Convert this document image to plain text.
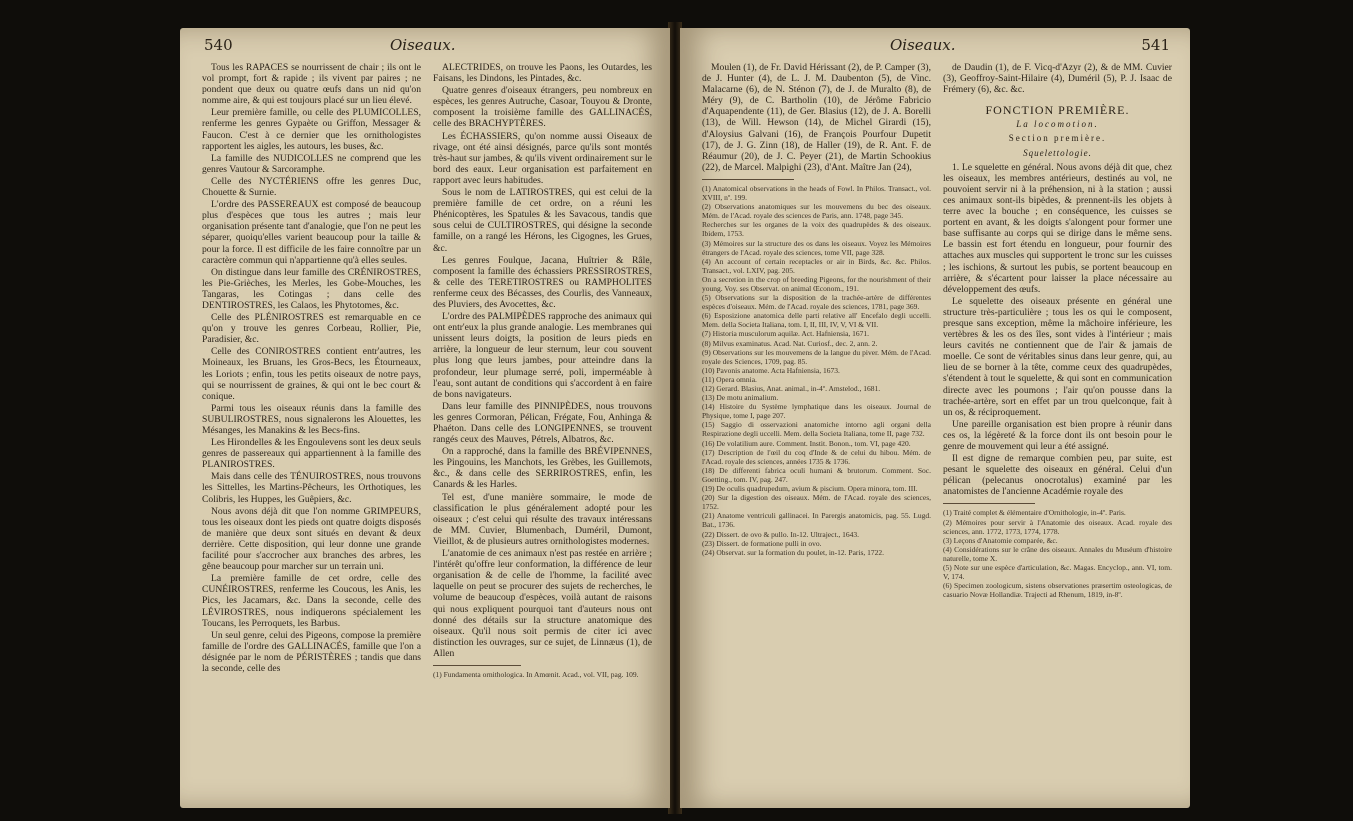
540	Oiseaux.

Tous les RAPACES se nourrissent de chair ; ils ont le vol prompt, fort & rapide ; ils vivent par paires ; ne pondent que deux ou quatre œufs dans un nid qu'on nomme aire, & qui est toujours placé sur un lieu élevé.

Leur première famille, ou celle des PLUMICOLLES, renferme les genres Gypaète ou Griffon, Messager & Faucon. C'est à ce dernier que les ornithologistes rapportent les aigles, les autours, les buses, &c.

La famille des NUDICOLLES ne comprend que les genres Vautour & Sarcoramphe.

Celle des NYCTÉRIENS offre les genres Duc, Chouette & Surnie.

L'ordre des PASSEREAUX est composé de beaucoup plus d'espèces que tous les autres ; mais leur organisation présente tant d'analogie, que l'on ne peut les séparer, quoiqu'elles varient beaucoup pour la taille & pour la force. Il est difficile de les faire connoître par un caractère commun qui n'appartienne qu'à elles seules.

On distingue dans leur famille des CRÉNIROSTRES, les Pie-Grièches, les Merles, les Gobe-Mouches, les Tangaras, les Cotingas ; dans celle des DENTIROSTRES, les Calaos, les Phytotomes, &c.

Celle des PLÉNIROSTRES est remarquable en ce qu'on y trouve les genres Corbeau, Rollier, Pie, Paradisier, &c.

Celle des CONIROSTRES contient entr'autres, les Moineaux, les Bruans, les Gros-Becs, les Étourneaux, les Loriots ; enfin, tous les petits oiseaux de notre pays, qui se nourrissent de graines, & qui ont le bec court & conique.

Parmi tous les oiseaux réunis dans la famille des SUBULIROSTRES, nous signalerons les Alouettes, les Mésanges, les Manakins & les Becs-fins.

Les Hirondelles & les Engoulevens sont les deux seuls genres de passereaux qui appartiennent à la famille des PLANIROSTRES.

Mais dans celle des TÉNUIROSTRES, nous trouvons les Sittelles, les Martins-Pêcheurs, les Orthotiques, les Colibris, les Huppes, les Guêpiers, &c.

Nous avons déjà dit que l'on nomme GRIMPEURS, tous les oiseaux dont les pieds ont quatre doigts disposés de manière que deux sont situés en devant & deux derrière. Cette disposition, qui leur donne une grande facilité pour s'accrocher aux branches des arbres, les gêne beaucoup pour marcher sur un terrain uni.

La première famille de cet ordre, celle des CUNÉIROSTRES, renferme les Coucous, les Anis, les Pics, les Jacamars, &c. Dans la seconde, celle des LÉVIROSTRES, nous indiquerons spécialement les Toucans, les Perroquets, les Barbus.

Un seul genre, celui des Pigeons, compose la première famille de l'ordre des GALLINACÉS, famille que l'on a désignée par le nom de PÉRISTÈRES ; tandis que dans la seconde, celle des

ALECTRIDES, on trouve les Paons, les Outardes, les Faisans, les Dindons, les Pintades, &c.

Quatre genres d'oiseaux étrangers, peu nombreux en espèces, les genres Autruche, Casoar, Touyou & Dronte, composent la troisième famille des GALLINACÉS, celle des BRACHYPTÈRES.

Les ÉCHASSIERS, qu'on nomme aussi Oiseaux de rivage, ont été ainsi désignés, parce qu'ils sont montés très-haut sur jambes, & qu'ils vivent ordinairement sur le bord des eaux. Leur organisation est parfaitement en rapport avec leurs habitudes.

Sous le nom de LATIROSTRES, qui est celui de la première famille de cet ordre, on a réuni les Phénicoptères, les Spatules & les Savacous, tandis que sous celui de CULTIROSTRES, qui désigne la seconde famille, on a rangé les Hérons, les Cigognes, les Grues, &c.

Les genres Foulque, Jacana, Huîtrier & Râle, composent la famille des échassiers PRESSIROSTRES, & celle des TERETIROSTRES ou RAMPHOLITES renferme ceux des Bécasses, des Courlis, des Vanneaux, des Pluviers, des Avocettes, &c.

L'ordre des PALMIPÈDES rapproche des animaux qui ont entr'eux la plus grande analogie. Les membranes qui unissent leurs doigts, la position de leurs pieds en arrière, la longueur de leur sternum, leur cou souvent plus long que leurs jambes, pour atteindre dans la profondeur, leur plumage serré, poli, imperméable à l'eau, sont autant de conditions qui s'accordent à en faire de bons navigateurs.

Dans leur famille des PINNIPÈDES, nous trouvons les genres Cormoran, Pélican, Frégate, Fou, Anhinga & Phaéton. Dans celle des LONGIPENNES, se trouvent rangés ceux des Mauves, Pétrels, Albatros, &c.

On a rapproché, dans la famille des BRÉVIPENNES, les Pingouins, les Manchots, les Grèbes, les Guillemots, &c., & dans celle des SERRIROSTRES, enfin, les Canards & les Harles.

Tel est, d'une manière sommaire, le mode de classification le plus généralement adopté pour les oiseaux ; c'est celui qui résulte des travaux intéressans de MM. Cuvier, Blumenbach, Duméril, Dumont, Vieillot, & de plusieurs autres ornithologistes modernes.

L'anatomie de ces animaux n'est pas restée en arrière ; l'intérêt qu'offre leur conformation, la différence de leur organisation & de celle de l'homme, la facilité avec laquelle on peut se procurer des sujets de recherches, le volume de beaucoup d'espèces, voilà autant de raisons qui nous expliquent pourquoi tant d'auteurs nous ont donné des détails sur la structure anatomique des oiseaux. Qu'il nous soit permis de citer ici avec distinction les ouvrages, sur ce sujet, de Linnæus (1), de Allen

(1) Fundamenta ornithologica. In Amœnit. Acad., vol. VII, pag. 109.

Oiseaux.	541

Moulen (1), de Fr. David Hérissant (2), de P. Camper (3), de J. Hunter (4), de L. J. M. Daubenton (5), de Vinc. Malacarne (6), de N. Sténon (7), de J. de Muralto (8), de Méry (9), de C. Bartholin (10), de Jérôme Fabricio d'Aquapendente (11), de Ger. Blasius (12), de J. A. Borelli (13), de Will. Hewson (14), de Michel Girardi (15), d'Aloysius Galvani (16), de François Pourfour Dupetit (17), de J. G. Zinn (18), de Haller (19), de R. Ant. F. de Réaumur (20), de J. C. Peyer (21), de Martin Schookius (22), de Marcel. Malpighi (23), d'Ant. Maître Jan (24),

(1) Anatomical observations in the heads of Fowl. In Philos. Transact., vol. XVIII, nº. 199.

(2) Observations anatomiques sur les mouvemens du bec des oiseaux. Mém. de l'Acad. royale des sciences de Paris, ann. 1748, page 345.

Recherches sur les organes de la voix des quadrupèdes & des oiseaux. Ibidem, 1753.

(3) Mémoires sur la structure des os dans les oiseaux. Voyez les Mémoires étrangers de l'Acad. royale des sciences, tome VII, page 328.

(4) An account of certain receptacles or air in Birds, &c. &c. Philos. Transact., vol. LXIV, pag. 205.

On a secretion in the crop of breeding Pigeons, for the nourishment of their young. Voy. ses Observat. on animal Œconom., 191.

(5) Observations sur la disposition de la trachée-artère de différentes espèces d'oiseaux. Mém. de l'Acad. royale des sciences, 1781, page 369.

(6) Esposizione anatomica delle parti relative all' Encefalo degli uccelli. Mem. della Societa Italiana, tom. I, II, III, IV, V, VI & VII.

(7) Historia musculorum aquilæ. Act. Hafniensia, 1671.

(8) Milvus examinatus. Acad. Nat. Curiosf., dec. 2, ann. 2.

(9) Observations sur les mouvemens de la langue du piver. Mém. de l'Acad. royale des Sciences, 1709, pag. 85.

(10) Pavonis anatome. Acta Hafniensia, 1673.

(11) Opera omnia.

(12) Gerard. Blasius, Anat. animal., in-4º. Amstelod., 1681.

(13) De motu animalium.

(14) Histoire du Système lymphatique dans les oiseaux. Journal de Physique, tome I, page 207.

(15) Saggio di osservazioni anatomiche intorno agli organi della Respirazione degli uccelli. Mem. della Societa Italiana, tome II, page 732.

(16) De volatilium aure. Comment. Instit. Bonon., tom. VI, page 420.

(17) Description de l'œil du coq d'Inde & de celui du hibou. Mém. de l'Acad. royale des sciences, années 1735 & 1736.

(18) De differenti fabrica oculi humani & brutorum. Comment. Soc. Goetting., tom. IV, pag. 247.

(19) De oculis quadrupedum, avium & piscium. Opera minora, tom. III.

(20) Sur la digestion des oiseaux. Mém. de l'Acad. royale des sciences, 1752.

(21) Anatome ventriculi gallinacei. In Parergis anatomicis, pag. 55. Lugd. Bat., 1736.

(22) Dissert. de ovo & pullo. In-12. Ultraject., 1643.

(23) Dissert. de formatione pulli in ovo.

(24) Observat. sur la formation du poulet, in-12. Paris, 1722.

de Daudin (1), de F. Vicq-d'Azyr (2), & de MM. Cuvier (3), Geoffroy-Saint-Hilaire (4), Duméril (5), P. J. Isaac de Frémery (6), &c. &c.

FONCTION PREMIÈRE.
La locomotion.
Section première.
Squelettologie.

1. Le squelette en général. Nous avons déjà dit que, chez les oiseaux, les membres antérieurs, destinés au vol, ne pouvoient servir ni à la préhension, ni à la station ; aussi ces animaux sont-ils bipèdes, & prennent-ils les objets à terre avec la bouche ; en conséquence, les cuisses se portent en avant, & les doigts s'alongent pour former une base suffisante au corps qui se dirige dans le même sens. Le bassin est fort étendu en longueur, pour fournir des attaches aux muscles qui supportent le tronc sur les cuisses ; les ischions, & surtout les pubis, se portent beaucoup en arrière, & s'écartent pour laisser la place nécessaire au développement des œufs.

Le squelette des oiseaux présente en général une structure très-particulière ; tous les os qui le composent, presque sans exception, même la mâchoire inférieure, les vertèbres & les os des îles, sont vides à l'intérieur ; mais leurs cavités ne contiennent que de l'air & jamais de moelle. Ce sont de véritables sinus dans leur genre, qui, au lieu de se borner à la tête, comme ceux des quadrupèdes, s'étendent à tout le squelette, & qui sont en communication directe avec les poumons ; l'air qu'on pousse dans la trachée-artère, sort en effet par un trou quelconque, fait à un os, & réciproquement.

Une pareille organisation est bien propre à réunir dans ces os, la légèreté & la force dont ils ont besoin pour le genre de mouvement qui leur a été assigné.

Il est digne de remarque combien peu, par suite, est pesant le squelette des oiseaux en général. Celui d'un pélican (pelecanus onocrotalus) examiné par les anatomistes de l'ancienne Académie royale des

(1) Traité complet & élémentaire d'Ornithologie, in-4º. Paris.

(2) Mémoires pour servir à l'Anatomie des oiseaux. Acad. royale des sciences, ann. 1772, 1773, 1774, 1778.

(3) Leçons d'Anatomie comparée, &c.

(4) Considérations sur le crâne des oiseaux. Annales du Muséum d'histoire naturelle, tome X.

(5) Note sur une espèce d'articulation, &c. Magas. Encyclop., ann. VI, tom. V, 174.

(6) Specimen zoologicum, sistens observationes præsertim osteologicas, de casuario Novæ Hollandiæ. Trajecti ad Rhenum, 1819, in-8º.
